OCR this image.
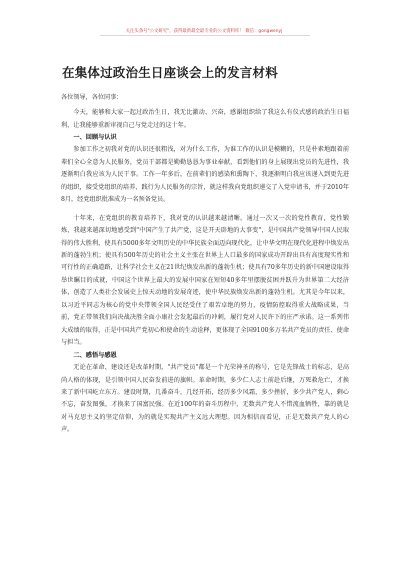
关注头条号"公文研究"，获得最新最全最专业的公文资料库！ 微信：gongwenyj
在集体过政治生日座谈会上的发言材料

各位领导，各位同事：

今天，能够和大家一起过政治生日，我无比激动、兴奋，感谢组织给了我这么有仪式感的政治生日福利，让我能够重新审视自己与党走过的这十年。

一、回顾与认识

参加工作之初我对党的认识还很粗浅，对为什么工作，为谁工作的认识是模糊的，只是朴素地跟着前辈们全心全意为人民服务，党员干部都是勤勤恳恳为事业奉献，看到他们的身上展现出党员的先进性，我逐渐明白我应该为人民干事。工作一年多后，在前辈们的感染和熏陶下，我逐渐明白我应该递入到更先进的组织，接受党组织的培养，践行为人民服务的宗旨，就这样我向党组织递交了入党申请书，并于2010年8月，经党组织批准成为一名预备党员。

十年来，在党组织的教育培养下，我对党的认识越来越清晰。通过一次又一次的党性教育，党性锻炼，我越来越深切地感受到"中国产生了共产党，这是开天辟地的大事变"，是中国共产党领导中国人民取得的伟大胜利，使具有5000多年文明历史的中华民族全面迈向现代化，让中华文明在现代化进程中焕发出新的蓬勃生机；使具有500年历史的社会主义主张在世界上人口最多的国家成功开辟出具有高度现实性和可行性的正确道路，让科学社会主义在21世纪焕发出新的蓬勃生机；使具有70多年历史的新中国建设取得举世瞩目的成就，中国这个世界上最大的发展中国家在短短40多年里摆脱贫困并跃升为世界第二大经济体，创造了人类社会发展史上惊天动地的发展奇迹，使中华民族焕发出新的蓬勃生机。尤其是今年以来，以习近平同志为核心的党中央带领全国人民经受住了艰苦卓绝的努力，疫情防控取得重大战略成果，当前，党正带领我们向决战决胜全面小康社会发起最后的冲刺，履行党对人民许下的庄严承诺。这一系列伟大成绩的取得，正是中国共产党初心和使命的生动诠释，更体现了全国9100多万名共产党员的责任、使命与担当。

二、感悟与感恩

无论在革命、建设还是改革时期，"共产党员"都是一个光荣神圣的称号，它是先锋战士的标志，是高尚人格的体现，是引领中国人民奋发前进的旗帜。革命时期，多少仁人志士前赴后继，万死救危亡，才换来了新中国屹立东方。建设时期，几番奋斗，几经开拓，经历多少风霜，多少挫折，多少共产党人，剩心不忘，奋发图强，才换来了国富民强。在近100年的奋斗历程中，无数共产党人不惜流血牺牲，靠的就是对马克思主义的坚定信仰，为的就是实现共产主义远大理想。因为相信而看见，正是无数共产党人的心声。
